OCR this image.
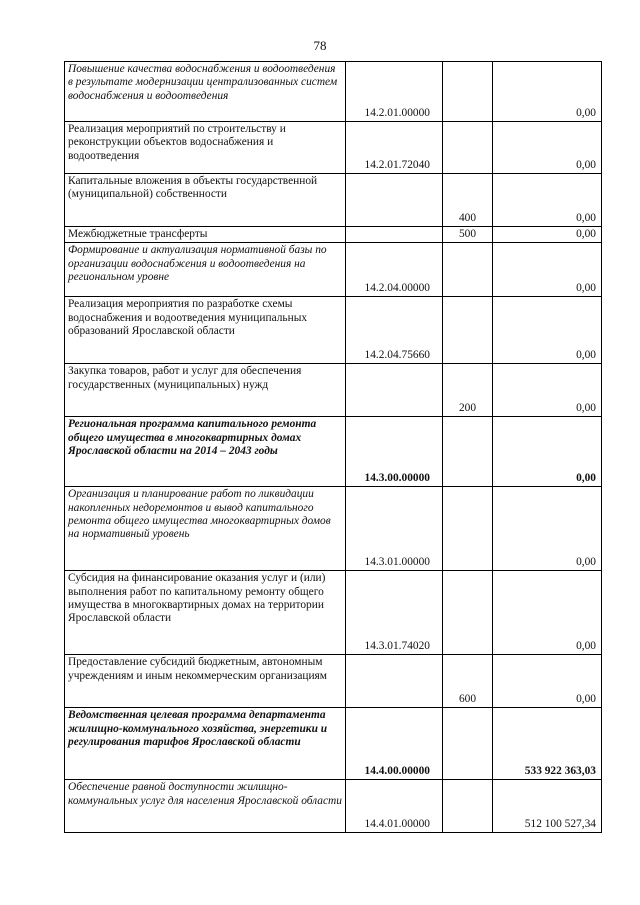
78
Повышение качества водоснабжения и водоотведения в результате модернизации централизованных систем водоснабжения и водоотведения	14.2.01.00000		0,00
Реализация мероприятий по строительству и реконструкции объектов водоснабжения и водоотведения	14.2.01.72040		0,00
Капитальные вложения в объекты государственной (муниципальной) собственности		400	0,00
Межбюджетные трансферты		500	0,00
Формирование и актуализация нормативной базы по организации водоснабжения и водоотведения на региональном уровне	14.2.04.00000		0,00
Реализация мероприятия по разработке схемы водоснабжения и водоотведения муниципальных образований Ярославской области	14.2.04.75660		0,00
Закупка товаров, работ и услуг для обеспечения государственных (муниципальных) нужд		200	0,00
Региональная программа капитального ремонта общего имущества в многоквартирных домах Ярославской области на 2014 – 2043 годы	14.3.00.00000		0,00
Организация и планирование работ по ликвидации накопленных недоремонтов и вывод капитального ремонта общего имущества многоквартирных домов на нормативный уровень	14.3.01.00000		0,00
Субсидия на финансирование оказания услуг и (или) выполнения работ по капитальному ремонту общего имущества в многоквартирных домах на территории Ярославской области	14.3.01.74020		0,00
Предоставление субсидий бюджетным, автономным учреждениям и иным некоммерческим организациям		600	0,00
Ведомственная целевая программа департамента жилищно-коммунального хозяйства, энергетики и регулирования тарифов Ярославской области	14.4.00.00000		533 922 363,03
Обеспечение равной доступности жилищно-коммунальных услуг для населения Ярославской области	14.4.01.00000		512 100 527,34
